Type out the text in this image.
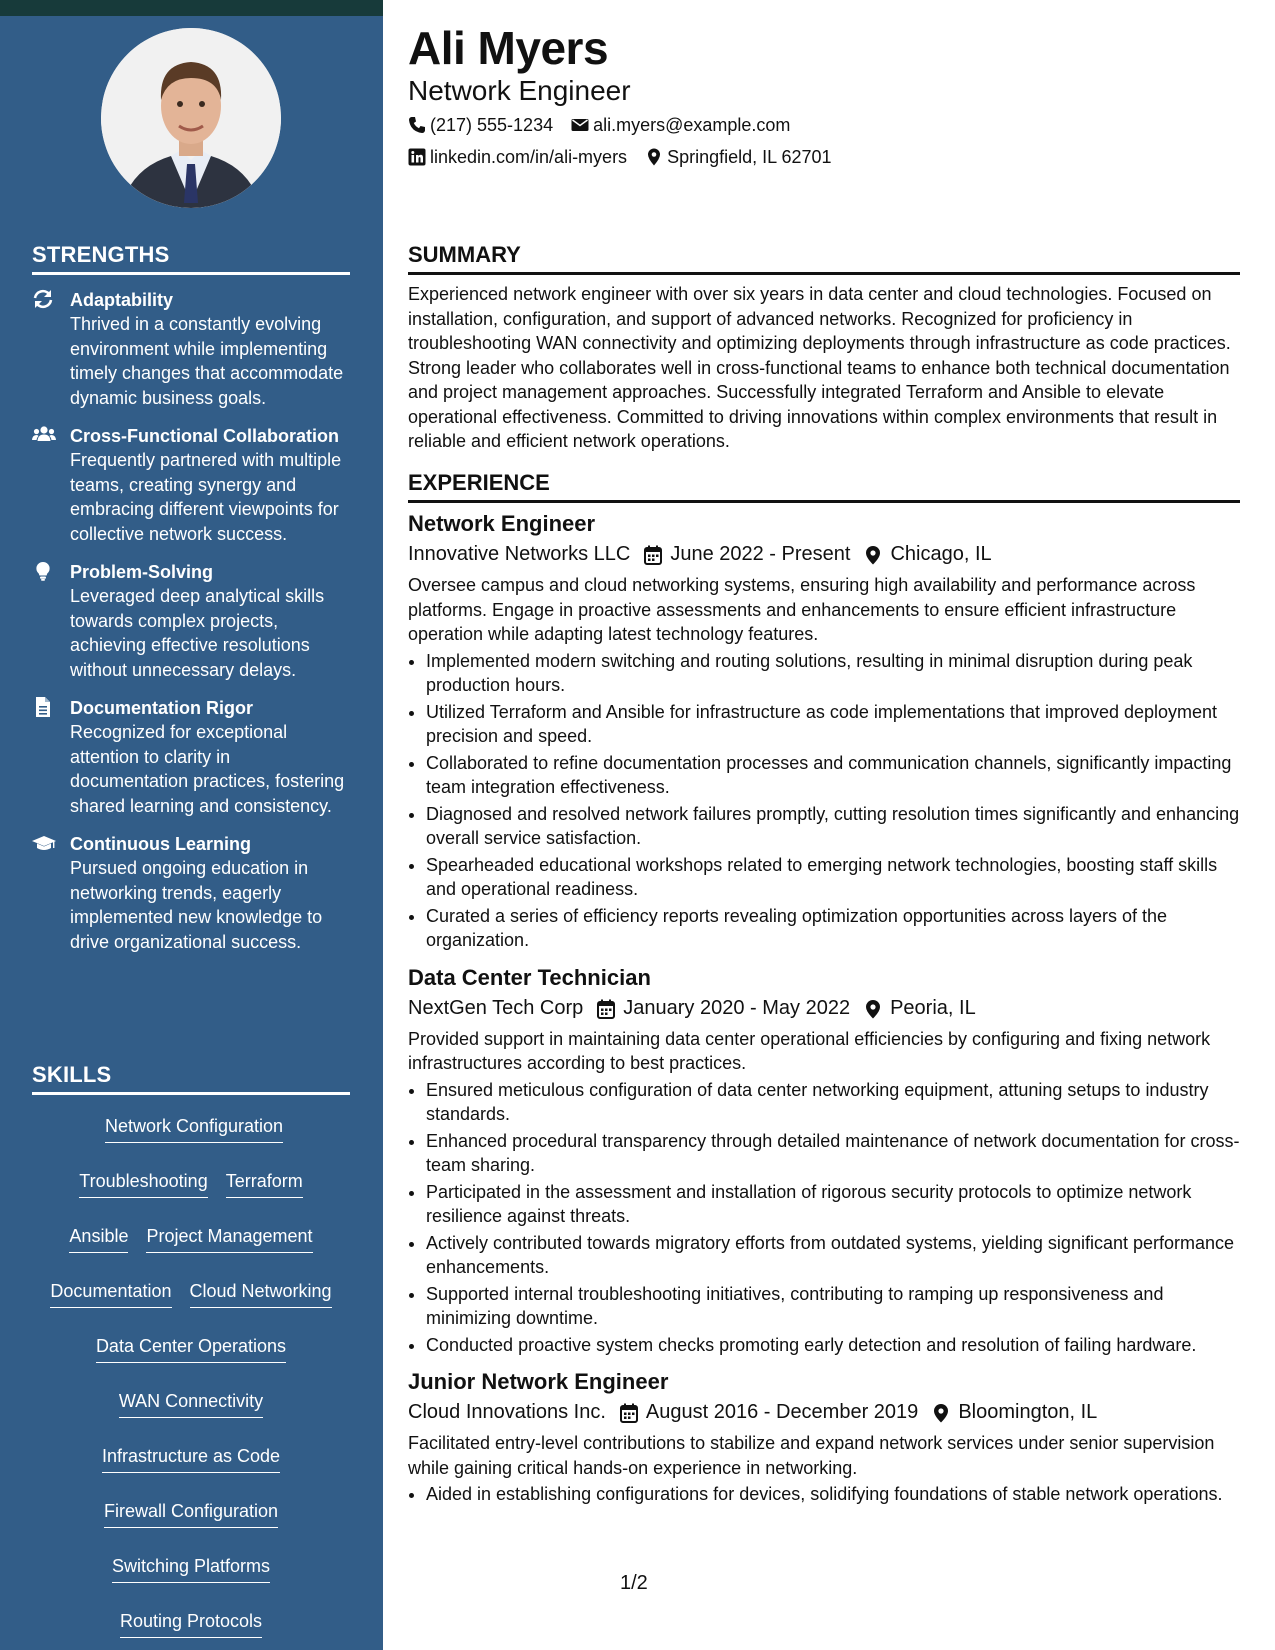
STRENGTHS
Adaptability
Thrived in a constantly evolving environment while implementing timely changes that accommodate dynamic business goals.
Cross-Functional Collaboration
Frequently partnered with multiple teams, creating synergy and embracing different viewpoints for collective network success.
Problem-Solving
Leveraged deep analytical skills towards complex projects, achieving effective resolutions without unnecessary delays.
Documentation Rigor
Recognized for exceptional attention to clarity in documentation practices, fostering shared learning and consistency.
Continuous Learning
Pursued ongoing education in networking trends, eagerly implemented new knowledge to drive organizational success.
SKILLS
Network Configuration
Troubleshooting Terraform
Ansible Project Management
Documentation Cloud Networking
Data Center Operations
WAN Connectivity
Infrastructure as Code
Firewall Configuration
Switching Platforms
Routing Protocols
Ali Myers
Network Engineer
(217) 555-1234 ali.myers@example.com
linkedin.com/in/ali-myers Springfield, IL 62701
SUMMARY

Experienced network engineer with over six years in data center and cloud technologies. Focused on installation, configuration, and support of advanced networks. Recognized for proficiency in troubleshooting WAN connectivity and optimizing deployments through infrastructure as code practices. Strong leader who collaborates well in cross-functional teams to enhance both technical documentation and project management approaches. Successfully integrated Terraform and Ansible to elevate operational effectiveness. Committed to driving innovations within complex environments that result in reliable and efficient network operations.

EXPERIENCE
Network Engineer
Innovative Networks LLC June 2022 - Present Chicago, IL

Oversee campus and cloud networking systems, ensuring high availability and performance across platforms. Engage in proactive assessments and enhancements to ensure efficient infrastructure operation while adapting latest technology features.

• Implemented modern switching and routing solutions, resulting in minimal disruption during peak production hours.
• Utilized Terraform and Ansible for infrastructure as code implementations that improved deployment precision and speed.
• Collaborated to refine documentation processes and communication channels, significantly impacting team integration effectiveness.
• Diagnosed and resolved network failures promptly, cutting resolution times significantly and enhancing overall service satisfaction.
• Spearheaded educational workshops related to emerging network technologies, boosting staff skills and operational readiness.
• Curated a series of efficiency reports revealing optimization opportunities across layers of the organization.
Data Center Technician
NextGen Tech Corp January 2020 - May 2022 Peoria, IL

Provided support in maintaining data center operational efficiencies by configuring and fixing network infrastructures according to best practices.

• Ensured meticulous configuration of data center networking equipment, attuning setups to industry standards.
• Enhanced procedural transparency through detailed maintenance of network documentation for cross-team sharing.
• Participated in the assessment and installation of rigorous security protocols to optimize network resilience against threats.
• Actively contributed towards migratory efforts from outdated systems, yielding significant performance enhancements.
• Supported internal troubleshooting initiatives, contributing to ramping up responsiveness and minimizing downtime.
• Conducted proactive system checks promoting early detection and resolution of failing hardware.
Junior Network Engineer
Cloud Innovations Inc. August 2016 - December 2019 Bloomington, IL

Facilitated entry-level contributions to stabilize and expand network services under senior supervision while gaining critical hands-on experience in networking.

• Aided in establishing configurations for devices, solidifying foundations of stable network operations.
1/2
